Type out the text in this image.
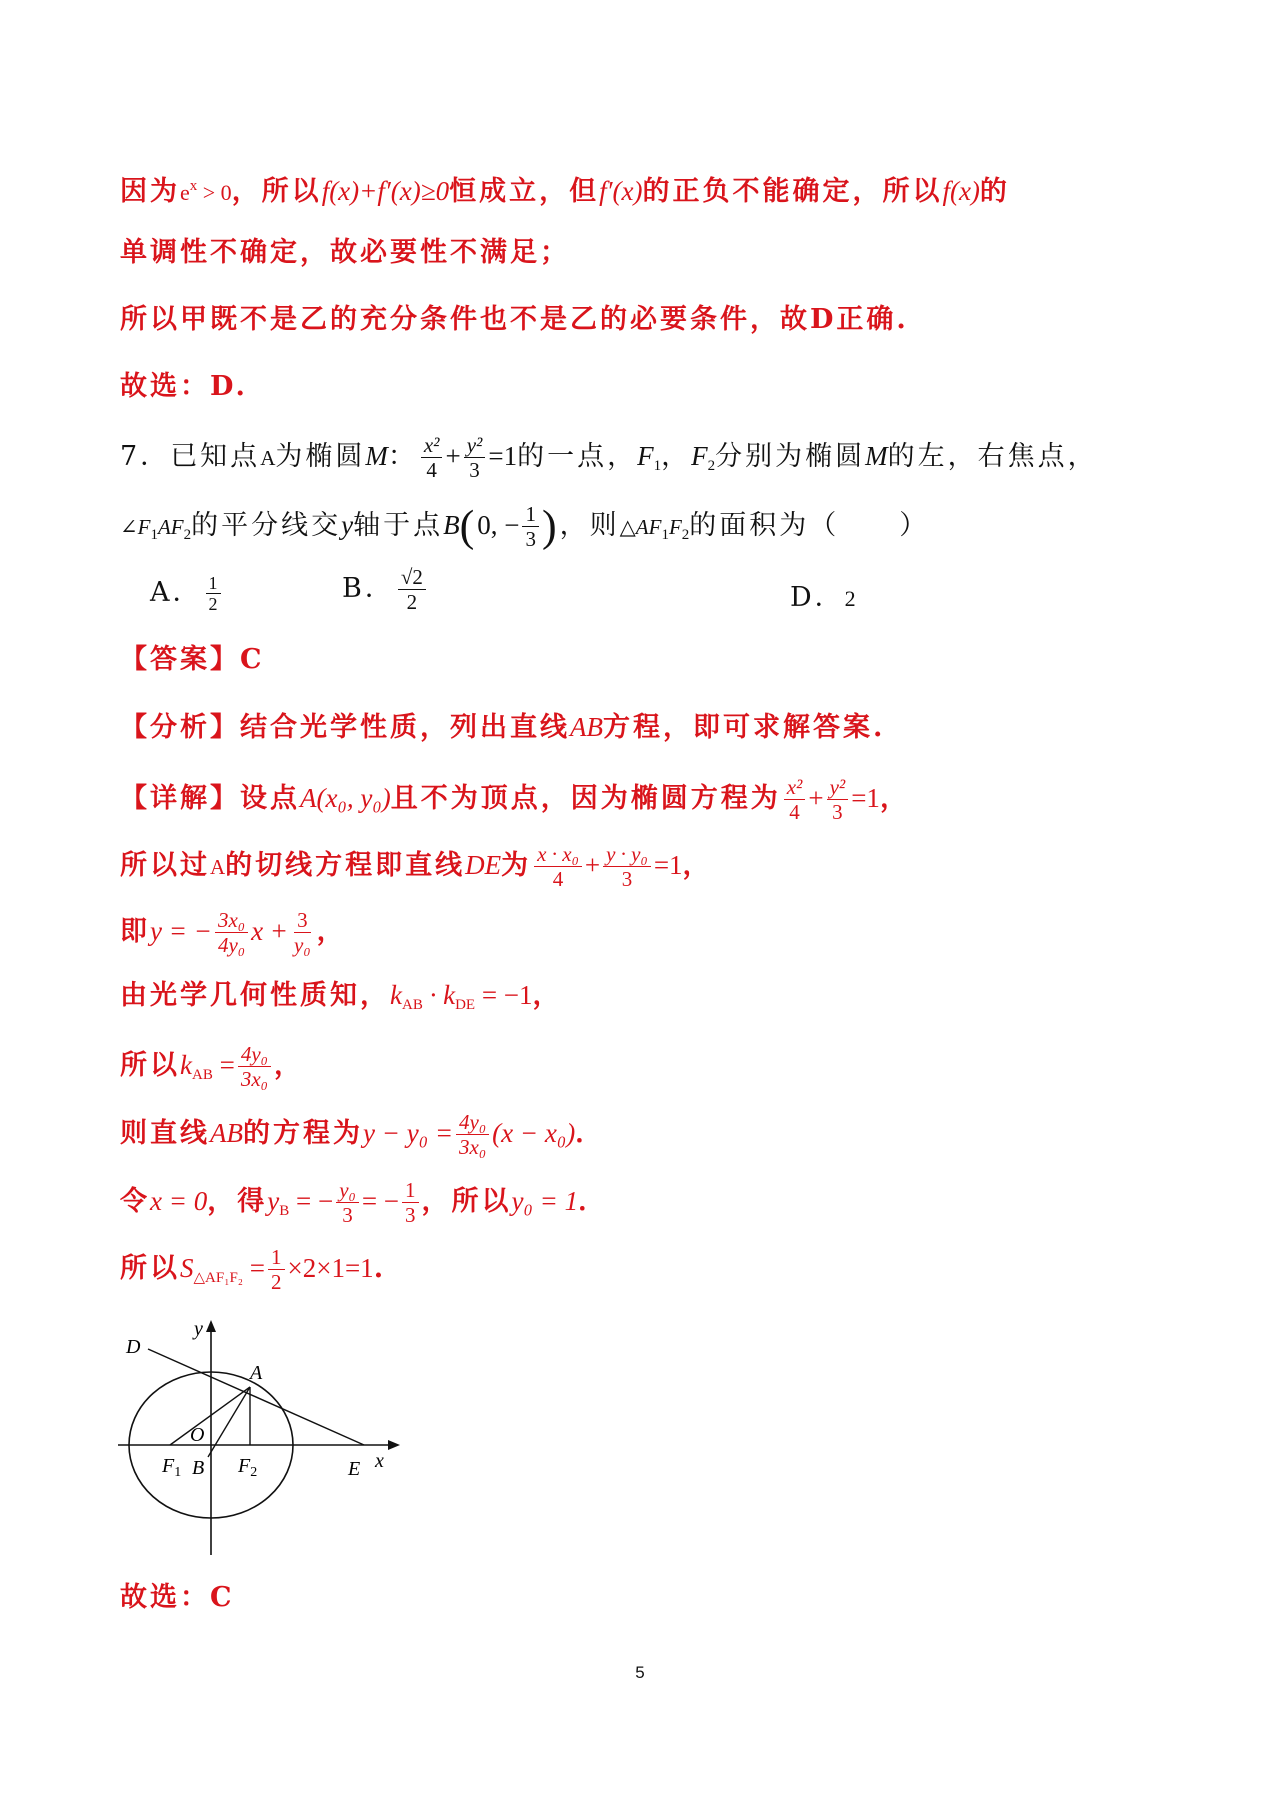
因为$e^x > 0$，所以f(x)+f′(x)≥0恒成立，但f′(x)的正负不能确定，所以f(x)的
单调性不确定，故必要性不满足；
所以甲既不是乙的充分条件也不是乙的必要条件，故D正确.
故选：D.
7．已知点A为椭圆M： $\frac{\text{x²}}{4} + \frac{\text{y²}}{3} =1$的一点，$F_1$，$F_2$分别为椭圆M的左，右焦点，
$\angle F_1AF_2$的平分线交y轴于点B(0, − $\frac{1}{3}$ )，则$\triangle AF_1F_2$的面积为（　　）
A． $\frac{1}{2}$	B． $\frac{√2}{2}$	D．2
【答案】C
【分析】结合光学性质，列出直线AB方程，即可求解答案.
【详解】设点A(x₀, y₀)且不为顶点，因为椭圆方程为 $\frac{\text{x²}}{4} + \frac{\text{y²}}{3} =1$，
所以过A的切线方程即直线DE为 $\frac{\text{x · x₀}}{4} + \frac{\text{y · y₀}}{3} =1$，
即y = − $\frac{\text{3x₀}}{\text{4y₀}}$ $x + \frac{3}{\text{y₀}}$ ，
由光学几何性质知，$k_{AB} \cdot k_{DE} = -1$，
所以$k_{AB} = \frac{\text{4y₀}}{\text{3x₀}}$ ，
则直线AB的方程为$y - y_0 = \frac{\text{4y₀}}{\text{3x₀}} (x - x_0)$．
令x = 0，得$y_B$ = − $\frac{\text{y₀}}{3}$ = − $\frac{1}{3}$ ，所以y₀ = 1．
所以$S_{\triangle AF_1F_2} = \frac{1}{2} \times 2\times 1=1$.
y
D
A
O
$F_1$ B $F_2$	E x
故选：C
5
